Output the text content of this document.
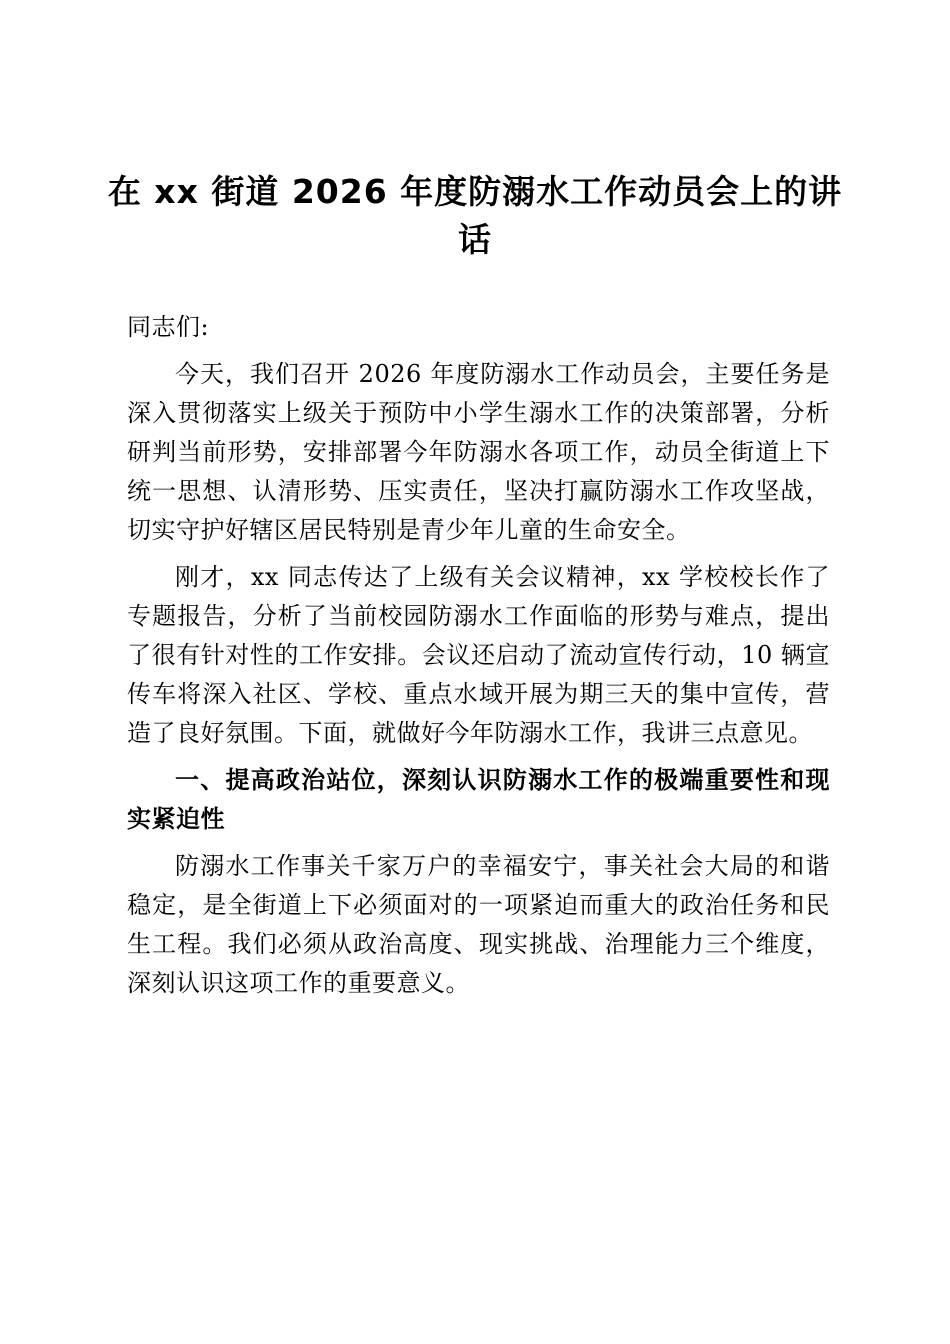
在 xx 街道 2026 年度防溺水工作动员会上的讲话

同志们:

今天，我们召开 2026 年度防溺水工作动员会，主要任务是深入贯彻落实上级关于预防中小学生溺水工作的决策部署，分析研判当前形势，安排部署今年防溺水各项工作，动员全街道上下统一思想、认清形势、压实责任，坚决打赢防溺水工作攻坚战，切实守护好辖区居民特别是青少年儿童的生命安全。

刚才，xx 同志传达了上级有关会议精神，xx 学校校长作了专题报告，分析了当前校园防溺水工作面临的形势与难点，提出了很有针对性的工作安排。会议还启动了流动宣传行动，10 辆宣传车将深入社区、学校、重点水域开展为期三天的集中宣传，营造了良好氛围。下面，就做好今年防溺水工作，我讲三点意见。

一、提高政治站位，深刻认识防溺水工作的极端重要性和现实紧迫性

防溺水工作事关千家万户的幸福安宁，事关社会大局的和谐稳定，是全街道上下必须面对的一项紧迫而重大的政治任务和民生工程。我们必须从政治高度、现实挑战、治理能力三个维度，深刻认识这项工作的重要意义。
